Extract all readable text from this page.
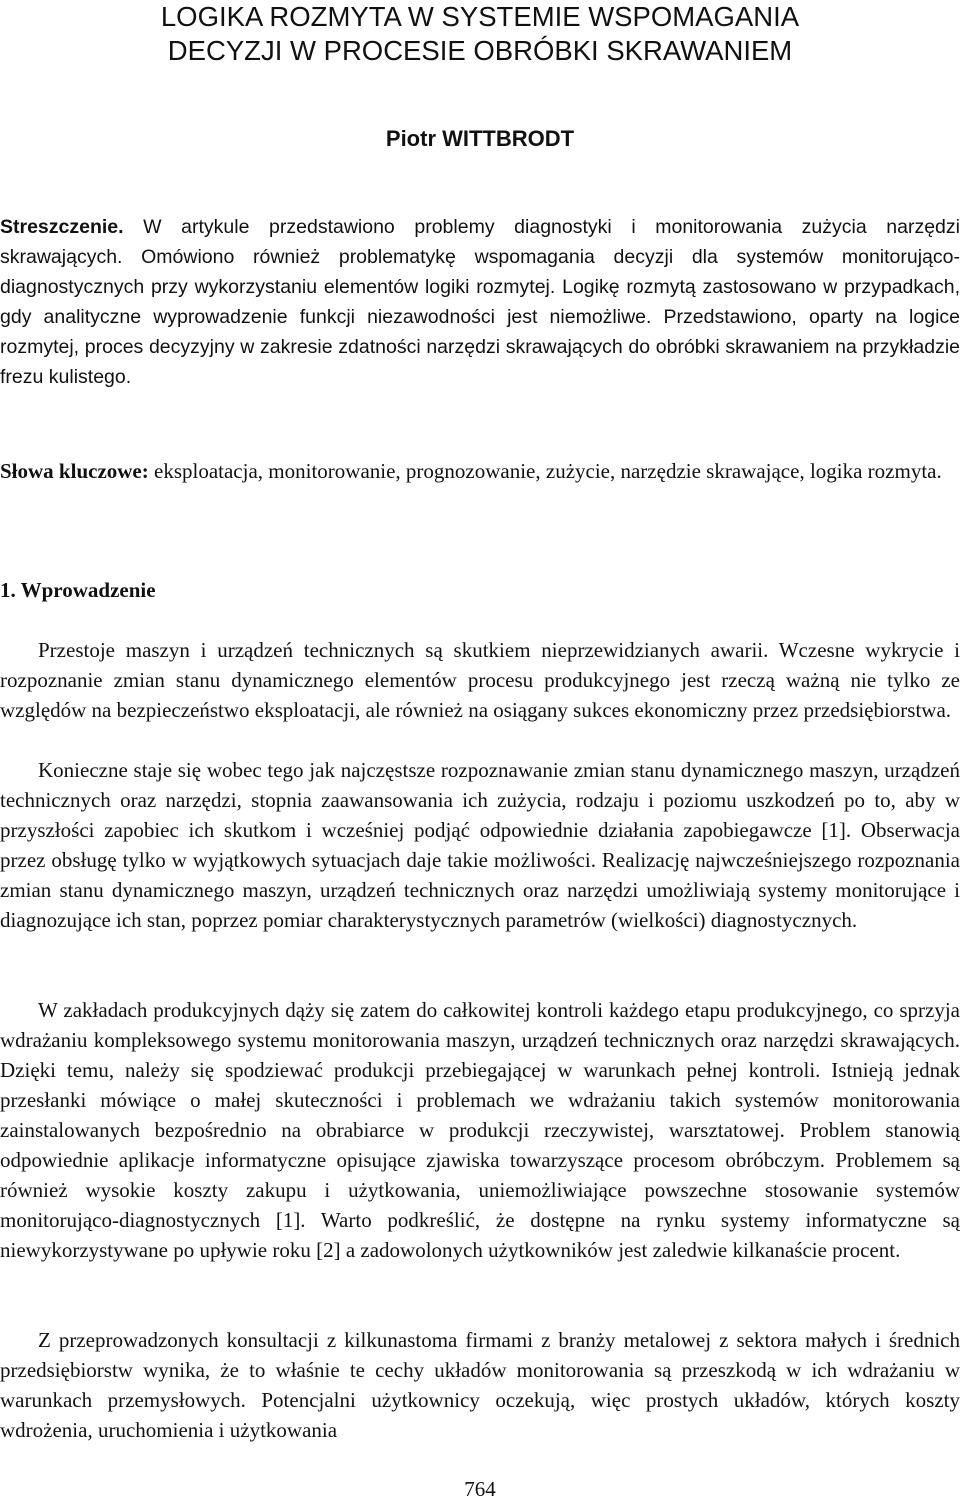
LOGIKA ROZMYTA W SYSTEMIE WSPOMAGANIA
DECYZJI W PROCESIE OBRÓBKI SKRAWANIEM

Piotr WITTBRODT

Streszczenie. W artykule przedstawiono problemy diagnostyki i monitorowania zużycia narzędzi skrawających. Omówiono również problematykę wspomagania decyzji dla systemów monitorująco-diagnostycznych przy wykorzystaniu elementów logiki rozmytej. Logikę rozmytą zastosowano w przypadkach, gdy analityczne wyprowadzenie funkcji niezawodności jest niemożliwe. Przedstawiono, oparty na logice rozmytej, proces decyzyjny w zakresie zdatności narzędzi skrawających do obróbki skrawaniem na przykładzie frezu kulistego.

Słowa kluczowe: eksploatacja, monitorowanie, prognozowanie, zużycie, narzędzie skrawające, logika rozmyta.

1. Wprowadzenie

Przestoje maszyn i urządzeń technicznych są skutkiem nieprzewidzianych awarii. Wczesne wykrycie i rozpoznanie zmian stanu dynamicznego elementów procesu produkcyjnego jest rzeczą ważną nie tylko ze względów na bezpieczeństwo eksploatacji, ale również na osiągany sukces ekonomiczny przez przedsiębiorstwa.

Konieczne staje się wobec tego jak najczęstsze rozpoznawanie zmian stanu dynamicznego maszyn, urządzeń technicznych oraz narzędzi, stopnia zaawansowania ich zużycia, rodzaju i poziomu uszkodzeń po to, aby w przyszłości zapobiec ich skutkom i wcześniej podjąć odpowiednie działania zapobiegawcze [1]. Obserwacja przez obsługę tylko w wyjątkowych sytuacjach daje takie możliwości. Realizację najwcześniejszego rozpoznania zmian stanu dynamicznego maszyn, urządzeń technicznych oraz narzędzi umożliwiają systemy monitorujące i diagnozujące ich stan, poprzez pomiar charakterystycznych parametrów (wielkości) diagnostycznych.

W zakładach produkcyjnych dąży się zatem do całkowitej kontroli każdego etapu produkcyjnego, co sprzyja wdrażaniu kompleksowego systemu monitorowania maszyn, urządzeń technicznych oraz narzędzi skrawających. Dzięki temu, należy się spodziewać produkcji przebiegającej w warunkach pełnej kontroli. Istnieją jednak przesłanki mówiące o małej skuteczności i problemach we wdrażaniu takich systemów monitorowania zainstalowanych bezpośrednio na obrabiarce w produkcji rzeczywistej, warsztatowej. Problem stanowią odpowiednie aplikacje informatyczne opisujące zjawiska towarzyszące procesom obróbczym. Problemem są również wysokie koszty zakupu i użytkowania, uniemożliwiające powszechne stosowanie systemów monitorująco-diagnostycznych [1]. Warto podkreślić, że dostępne na rynku systemy informatyczne są niewykorzystywane po upływie roku [2] a zadowolonych użytkowników jest zaledwie kilkanaście procent.

Z przeprowadzonych konsultacji z kilkunastoma firmami z branży metalowej z sektora małych i średnich przedsiębiorstw wynika, że to właśnie te cechy układów monitorowania są przeszkodą w ich wdrażaniu w warunkach przemysłowych. Potencjalni użytkownicy oczekują, więc prostych układów, których koszty wdrożenia, uruchomienia i użytkowania

764
